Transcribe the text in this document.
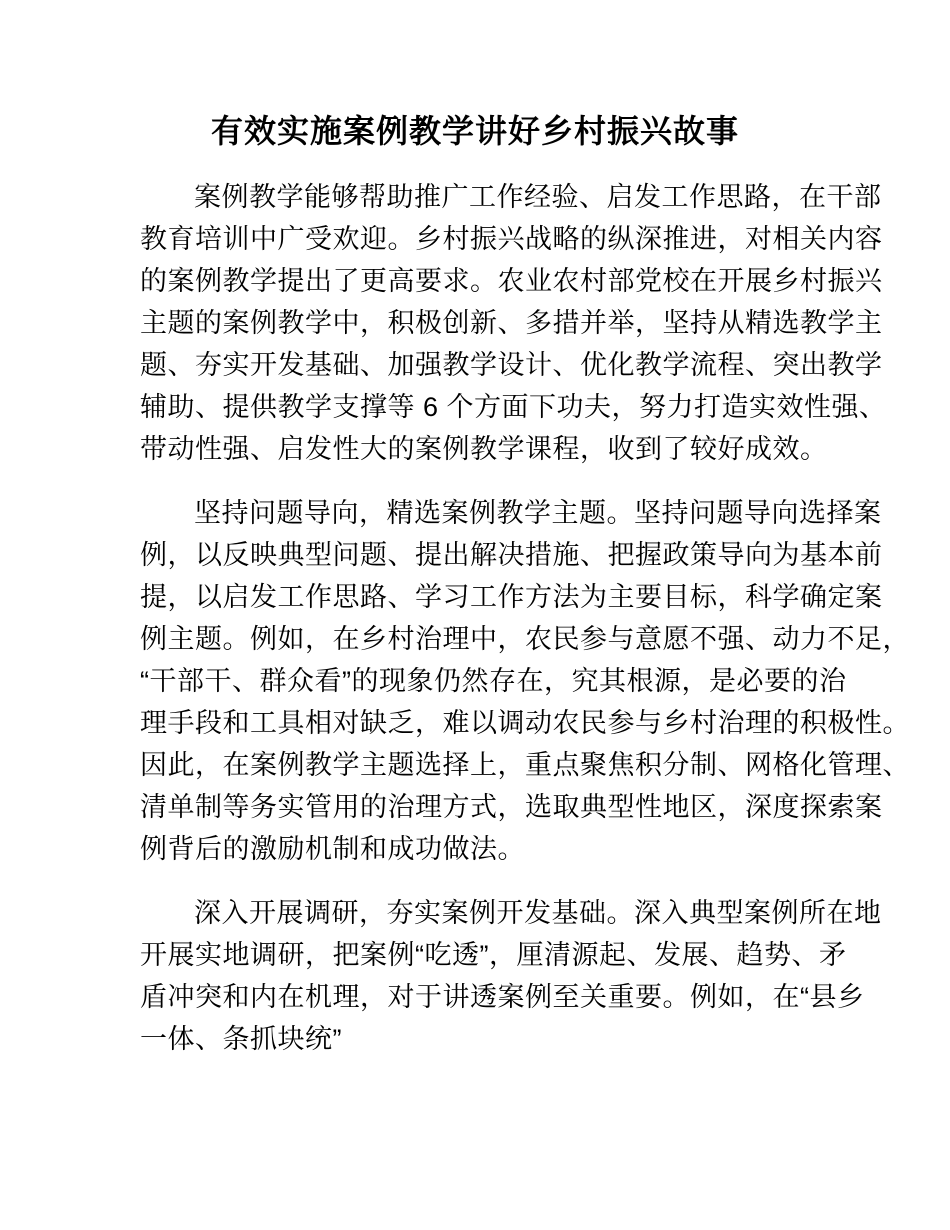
有效实施案例教学讲好乡村振兴故事
案例教学能够帮助推广工作经验、启发工作思路，在干部
教育培训中广受欢迎。乡村振兴战略的纵深推进，对相关内容
的案例教学提出了更高要求。农业农村部党校在开展乡村振兴
主题的案例教学中，积极创新、多措并举，坚持从精选教学主
题、夯实开发基础、加强教学设计、优化教学流程、突出教学
辅助、提供教学支撑等 6 个方面下功夫，努力打造实效性强、
带动性强、启发性大的案例教学课程，收到了较好成效。
坚持问题导向，精选案例教学主题。坚持问题导向选择案
例，以反映典型问题、提出解决措施、把握政策导向为基本前
提，以启发工作思路、学习工作方法为主要目标，科学确定案
例主题。例如，在乡村治理中，农民参与意愿不强、动力不足，
“干部干、群众看”的现象仍然存在，究其根源，是必要的治
理手段和工具相对缺乏，难以调动农民参与乡村治理的积极性。
因此，在案例教学主题选择上，重点聚焦积分制、网格化管理、
清单制等务实管用的治理方式，选取典型性地区，深度探索案
例背后的激励机制和成功做法。
深入开展调研，夯实案例开发基础。深入典型案例所在地
开展实地调研，把案例“吃透”，厘清源起、发展、趋势、矛
盾冲突和内在机理，对于讲透案例至关重要。例如，在“县乡
一体、条抓块统”
